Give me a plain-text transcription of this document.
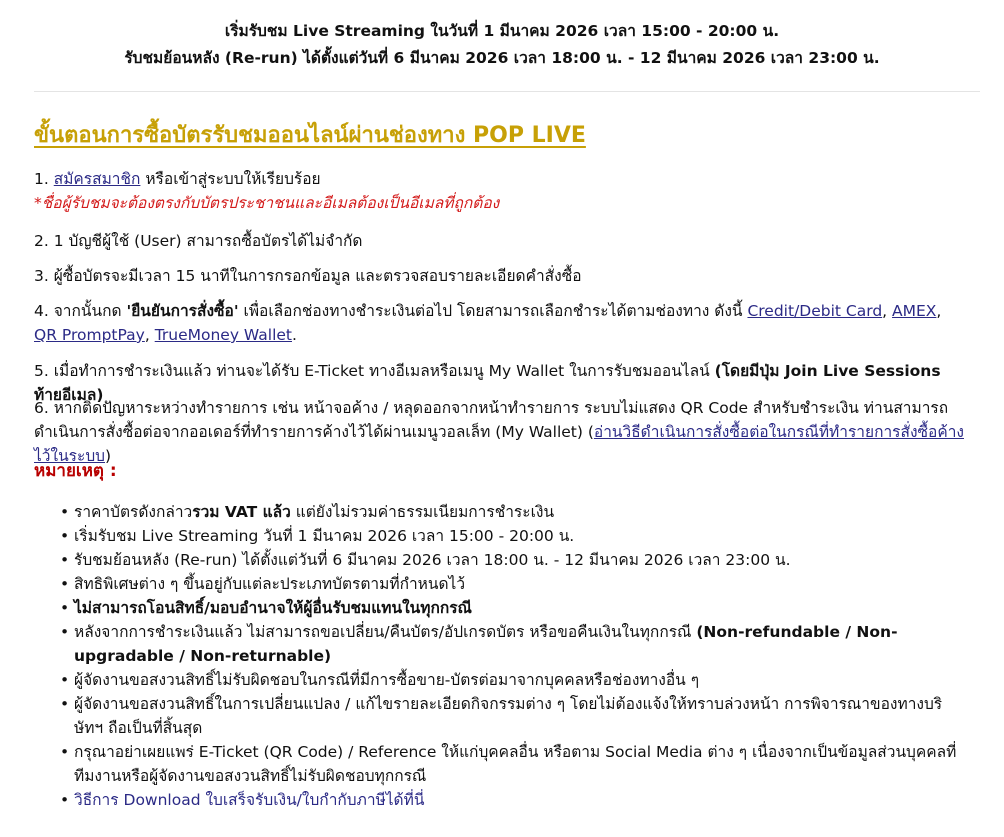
เริ่มรับชม Live Streaming ในวันที่ 1 มีนาคม 2026 เวลา 15:00 - 20:00 น.
รับชมย้อนหลัง (Re-run) ได้ตั้งแต่วันที่ 6 มีนาคม 2026 เวลา 18:00 น. - 12 มีนาคม 2026 เวลา 23:00 น.
ขั้นตอนการซื้อบัตรรับชมออนไลน์ผ่านช่องทาง POP LIVE
1. สมัครสมาชิก หรือเข้าสู่ระบบให้เรียบร้อย
*ชื่อผู้รับชมจะต้องตรงกับบัตรประชาชนและอีเมลต้องเป็นอีเมลที่ถูกต้อง
2. 1 บัญชีผู้ใช้ (User) สามารถซื้อบัตรได้ไม่จำกัด
3. ผู้ซื้อบัตรจะมีเวลา 15 นาทีในการกรอกข้อมูล และตรวจสอบรายละเอียดคำสั่งซื้อ
4. จากนั้นกด 'ยืนยันการสั่งซื้อ' เพื่อเลือกช่องทางชำระเงินต่อไป โดยสามารถเลือกชำระได้ตามช่องทาง ดังนี้ Credit/Debit Card, AMEX, QR PromptPay, TrueMoney Wallet.
5. เมื่อทำการชำระเงินแล้ว ท่านจะได้รับ E-Ticket ทางอีเมลหรือเมนู My Wallet ในการรับชมออนไลน์ (โดยมีปุ่ม Join Live Sessions ท้ายอีเมล)
6. หากติดปัญหาระหว่างทำรายการ เช่น หน้าจอค้าง / หลุดออกจากหน้าทำรายการ ระบบไม่แสดง QR Code สำหรับชำระเงิน ท่านสามารถดำเนินการสั่งซื้อต่อจากออเดอร์ที่ทำรายการค้างไว้ได้ผ่านเมนูวอลเล็ท (My Wallet) (อ่านวิธีดำเนินการสั่งซื้อต่อในกรณีที่ทำรายการสั่งซื้อค้างไว้ในระบบ)
หมายเหตุ :
• ราคาบัตรดังกล่าวรวม VAT แล้ว แต่ยังไม่รวมค่าธรรมเนียมการชำระเงิน
• เริ่มรับชม Live Streaming วันที่ 1 มีนาคม 2026 เวลา 15:00 - 20:00 น.
• รับชมย้อนหลัง (Re-run) ได้ตั้งแต่วันที่ 6 มีนาคม 2026 เวลา 18:00 น. - 12 มีนาคม 2026 เวลา 23:00 น.
• สิทธิพิเศษต่าง ๆ ขึ้นอยู่กับแต่ละประเภทบัตรตามที่กำหนดไว้
• ไม่สามารถโอนสิทธิ์/มอบอำนาจให้ผู้อื่นรับชมแทนในทุกกรณี
• หลังจากการชำระเงินแล้ว ไม่สามารถขอเปลี่ยน/คืนบัตร/อัปเกรดบัตร หรือขอคืนเงินในทุกกรณี (Non-refundable / Non-upgradable / Non-returnable)
• ผู้จัดงานขอสงวนสิทธิ์ไม่รับผิดชอบในกรณีที่มีการซื้อขาย-บัตรต่อมาจากบุคคลหรือช่องทางอื่น ๆ
• ผู้จัดงานขอสงวนสิทธิ์ในการเปลี่ยนแปลง / แก้ไขรายละเอียดกิจกรรมต่าง ๆ โดยไม่ต้องแจ้งให้ทราบล่วงหน้า การพิจารณาของทางบริษัทฯ ถือเป็นที่สิ้นสุด
• กรุณาอย่าเผยแพร่ E-Ticket (QR Code) / Reference ให้แก่บุคคลอื่น หรือตาม Social Media ต่าง ๆ เนื่องจากเป็นข้อมูลส่วนบุคคลที่ทีมงานหรือผู้จัดงานขอสงวนสิทธิ์ไม่รับผิดชอบทุกกรณี
• วิธีการ Download ใบเสร็จรับเงิน/ใบกำกับภาษีได้ที่นี่
